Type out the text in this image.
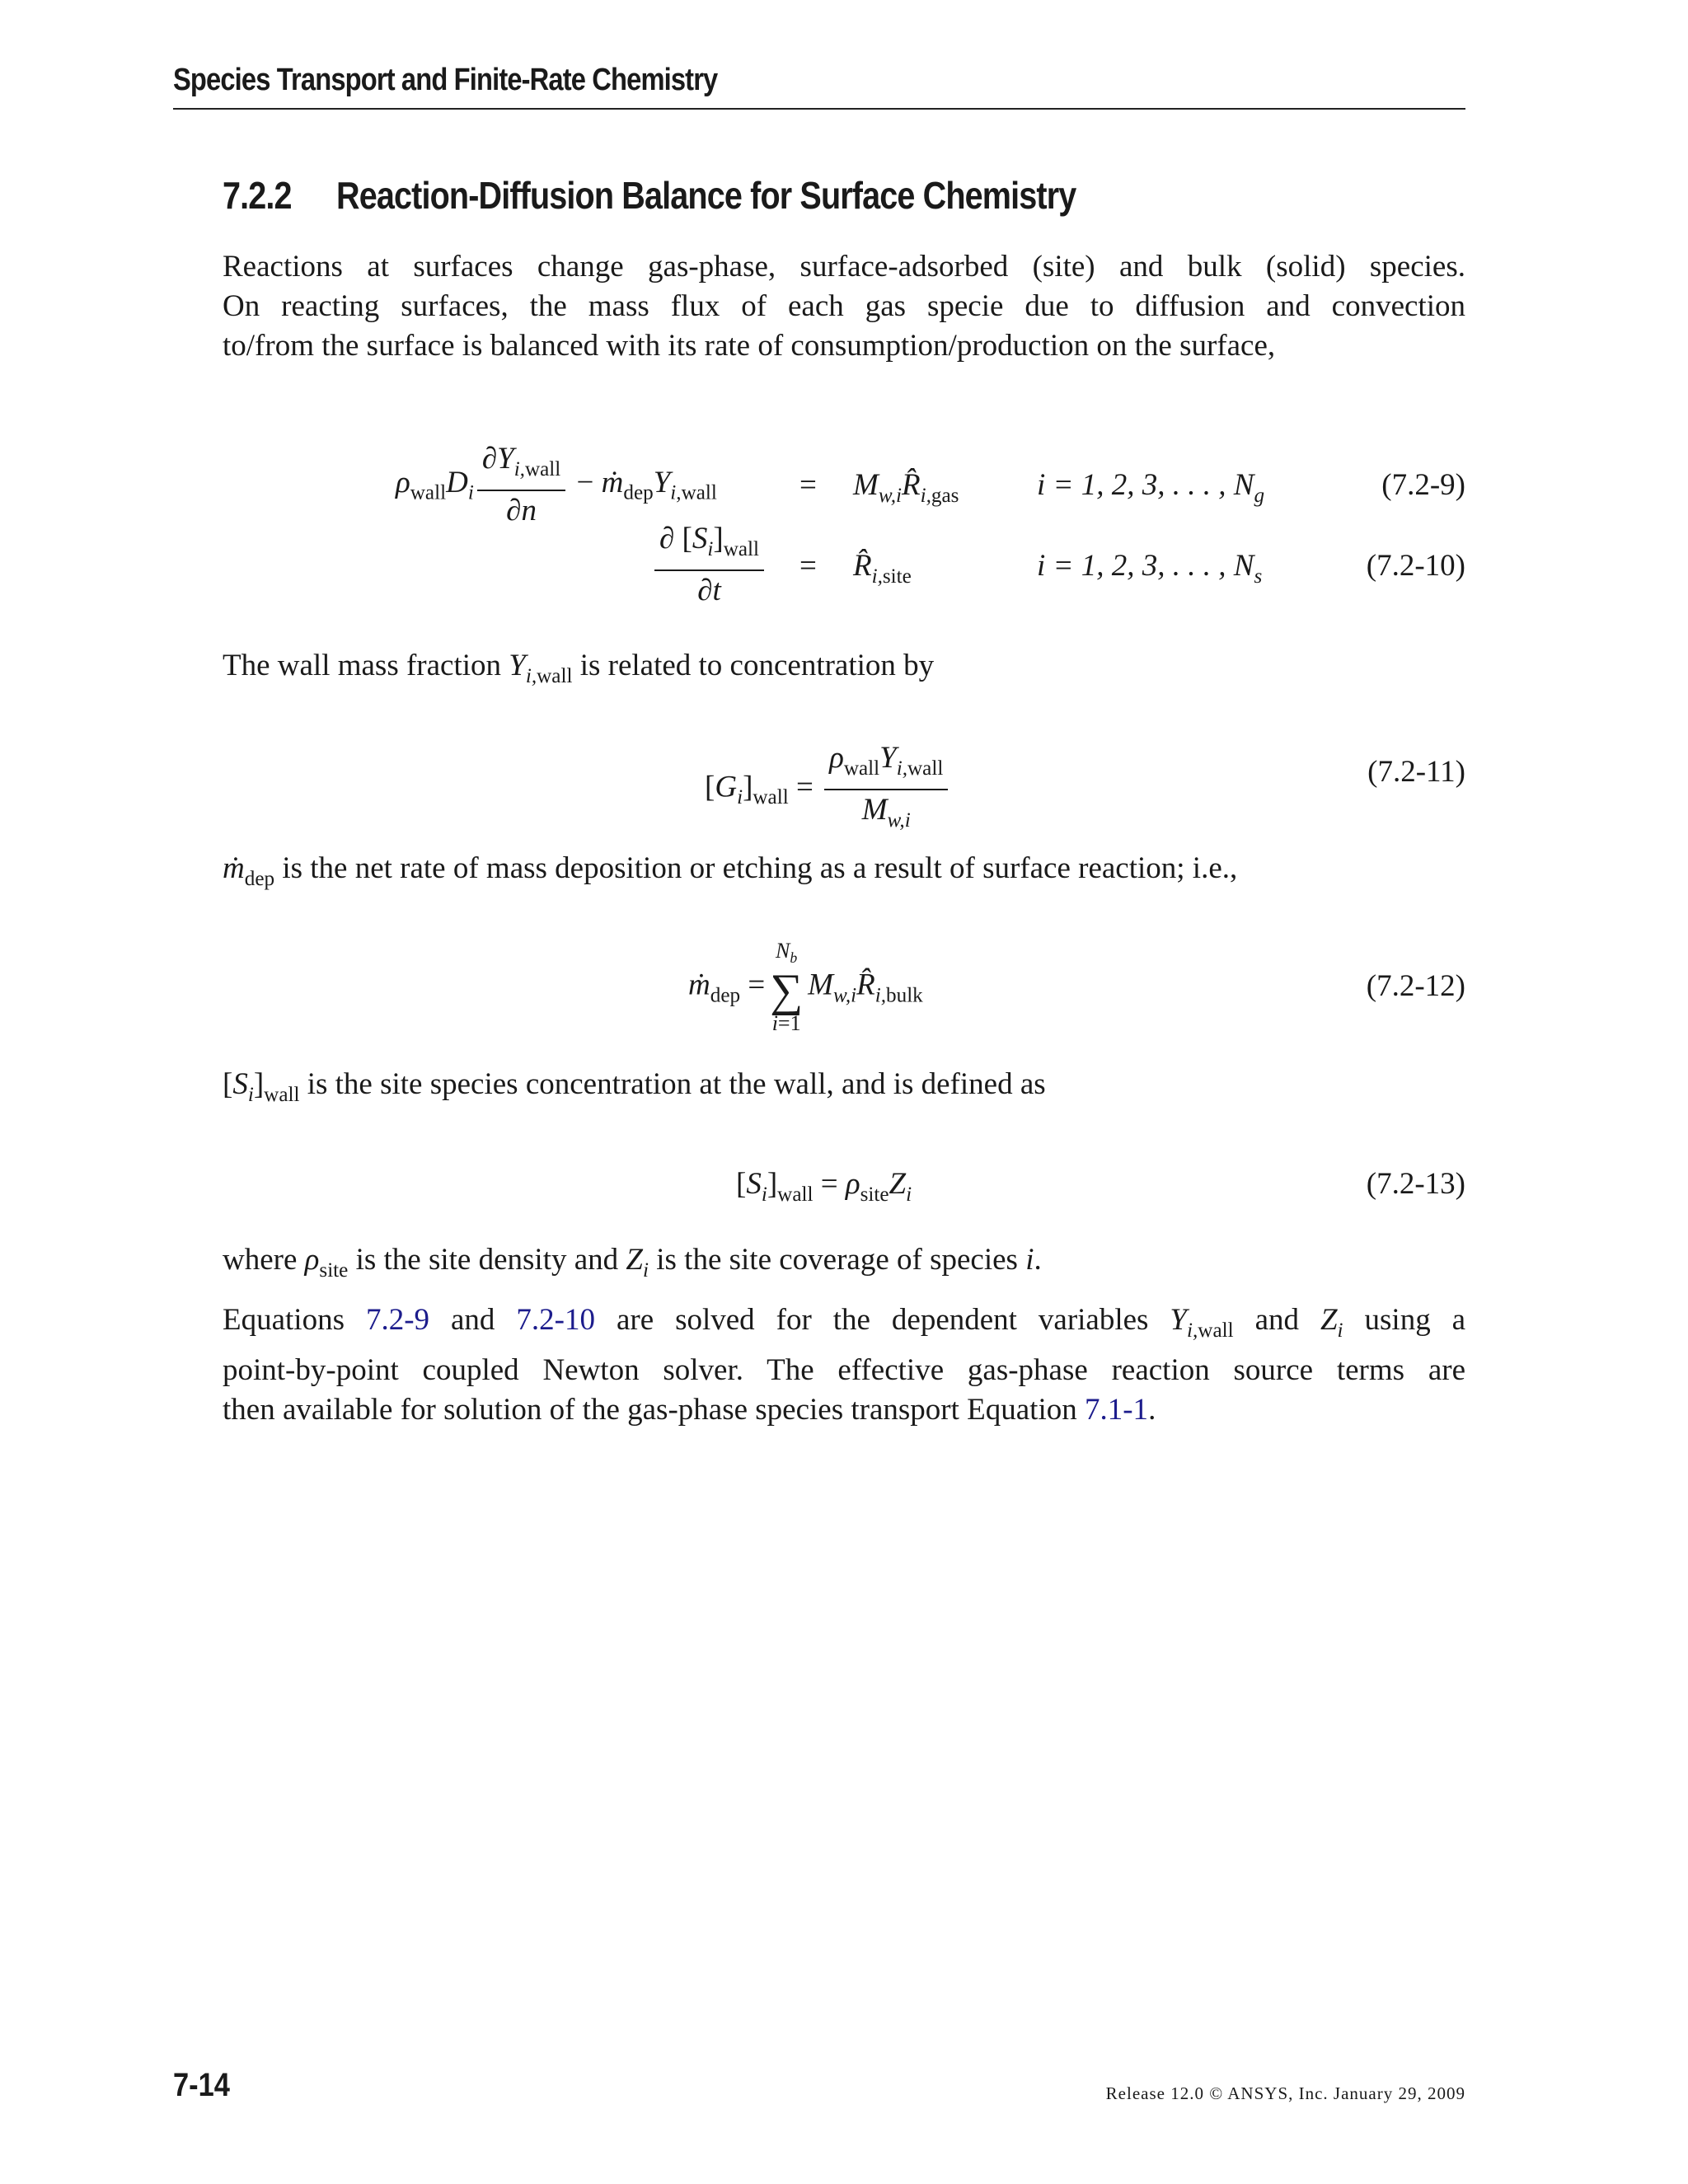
Species Transport and Finite-Rate Chemistry
7.2.2 Reaction-Diffusion Balance for Surface Chemistry

Reactions at surfaces change gas-phase, surface-adsorbed (site) and bulk (solid) species.
On reacting surfaces, the mass flux of each gas specie due to diffusion and convection
to/from the surface is balanced with its rate of consumption/production on the surface,

$\rho_{wall}D_i \frac{\partial Y_{i,wall}}{\partial n}$ − $ṁ_{dep}Y_{i,wall}$	= $M_{w,i}R̂_{i,gas}$	i = 1, 2, 3, . . . , $N_g$	(7.2-9)
$\frac{\partial [S_i]_{wall}}{\partial t}$ = $R̂_{i,site}$	i = 1, 2, 3, . . . , $N_s$	(7.2-10)

The wall mass fraction $Y_{i,wall}$ is related to concentration by

$[G_i]_{wall} = \frac{\rho_{wall}Y_{i,wall}}{M_{w,i}}$	(7.2-11)

ṁ$_{dep}$ is the net rate of mass deposition or etching as a result of surface reaction; i.e.,

ṁ$_{dep}$ =
$N_b$
∑
i=1
$M_{w,i}R̂_{i,bulk}$	(7.2-12)

$[S_i]_{wall}$ is the site species concentration at the wall, and is defined as

$[S_i]_{wall} = \rho_{site}Z_i$	(7.2-13)

where $\rho_{site}$ is the site density and $Z_i$ is the site coverage of species i.

Equations 7.2-9 and 7.2-10 are solved for the dependent variables $Y_{i,wall}$ and $Z_i$ using a
point-by-point coupled Newton solver. The effective gas-phase reaction source terms are
then available for solution of the gas-phase species transport Equation 7.1-1.

7-14	Release 12.0 © ANSYS, Inc. January 29, 2009
